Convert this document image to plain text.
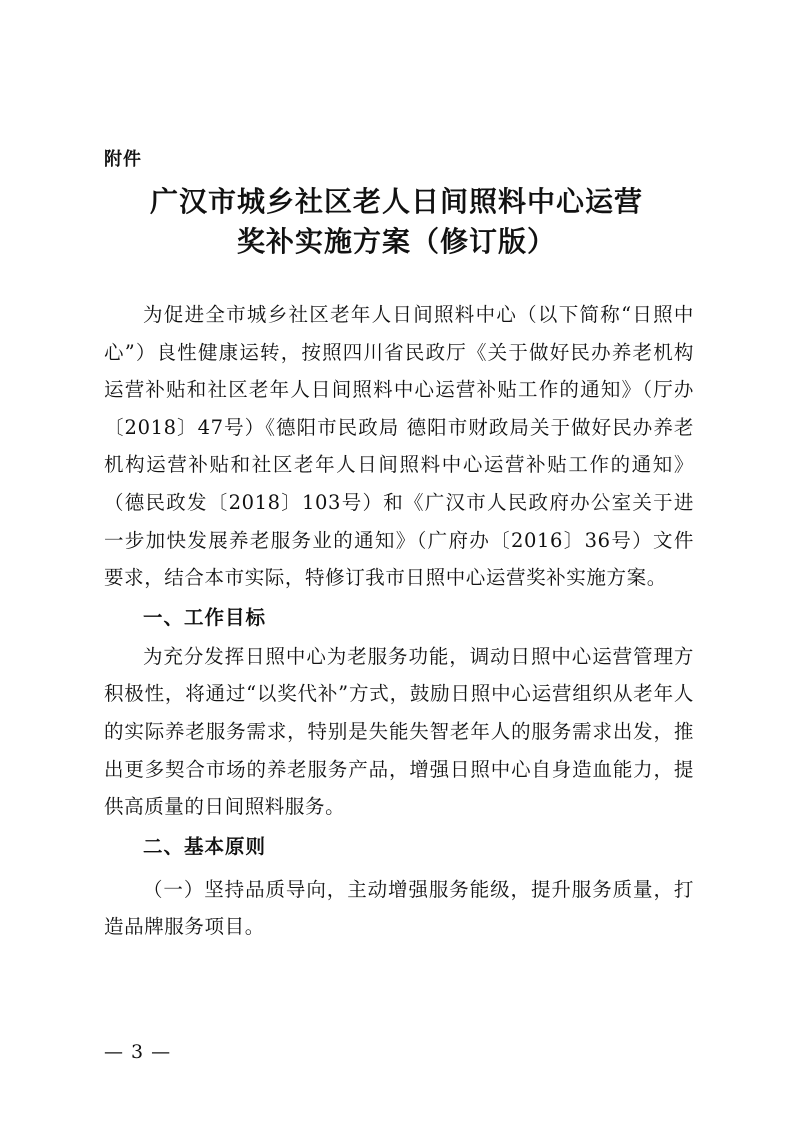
附件
广汉市城乡社区老人日间照料中心运营
奖补实施方案（修订版）

为促进全市城乡社区老年人日间照料中心（以下简称“日照中心”）良性健康运转，按照四川省民政厅《关于做好民办养老机构运营补贴和社区老年人日间照料中心运营补贴工作的通知》（厅办〔2018〕47号）《德阳市民政局 德阳市财政局关于做好民办养老机构运营补贴和社区老年人日间照料中心运营补贴工作的通知》（德民政发〔2018〕103号）和《广汉市人民政府办公室关于进一步加快发展养老服务业的通知》（广府办〔2016〕36号）文件要求，结合本市实际，特修订我市日照中心运营奖补实施方案。

一、工作目标

为充分发挥日照中心为老服务功能，调动日照中心运营管理方积极性，将通过“以奖代补”方式，鼓励日照中心运营组织从老年人的实际养老服务需求，特别是失能失智老年人的服务需求出发，推出更多契合市场的养老服务产品，增强日照中心自身造血能力，提供高质量的日间照料服务。

二、基本原则

（一）坚持品质导向，主动增强服务能级，提升服务质量，打造品牌服务项目。

— 3 —
